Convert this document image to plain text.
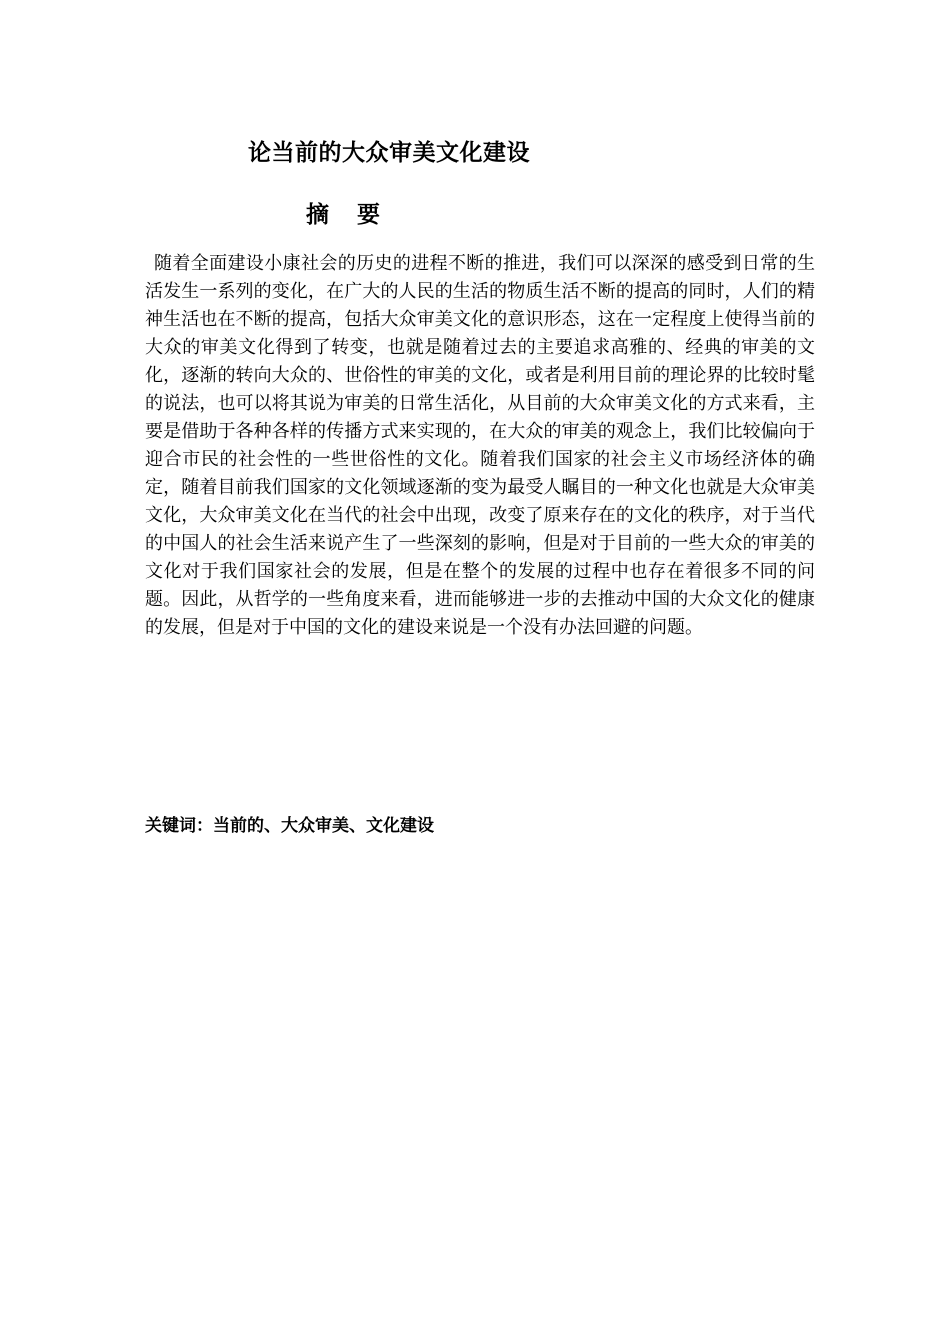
论当前的大众审美文化建设
摘 要

随着全面建设小康社会的历史的进程不断的推进，我们可以深深的感受到日常的生活发生一系列的变化，在广大的人民的生活的物质生活不断的提高的同时，人们的精神生活也在不断的提高，包括大众审美文化的意识形态，这在一定程度上使得当前的大众的审美文化得到了转变，也就是随着过去的主要追求高雅的、经典的审美的文化，逐渐的转向大众的、世俗性的审美的文化，或者是利用目前的理论界的比较时髦的说法，也可以将其说为审美的日常生活化，从目前的大众审美文化的方式来看，主要是借助于各种各样的传播方式来实现的，在大众的审美的观念上，我们比较偏向于迎合市民的社会性的一些世俗性的文化。随着我们国家的社会主义市场经济体的确定，随着目前我们国家的文化领域逐渐的变为最受人瞩目的一种文化也就是大众审美文化，大众审美文化在当代的社会中出现，改变了原来存在的文化的秩序，对于当代的中国人的社会生活来说产生了一些深刻的影响，但是对于目前的一些大众的审美的文化对于我们国家社会的发展，但是在整个的发展的过程中也存在着很多不同的问题。因此，从哲学的一些角度来看，进而能够进一步的去推动中国的大众文化的健康的发展，但是对于中国的文化的建设来说是一个没有办法回避的问题。

关键词：当前的、大众审美、文化建设
